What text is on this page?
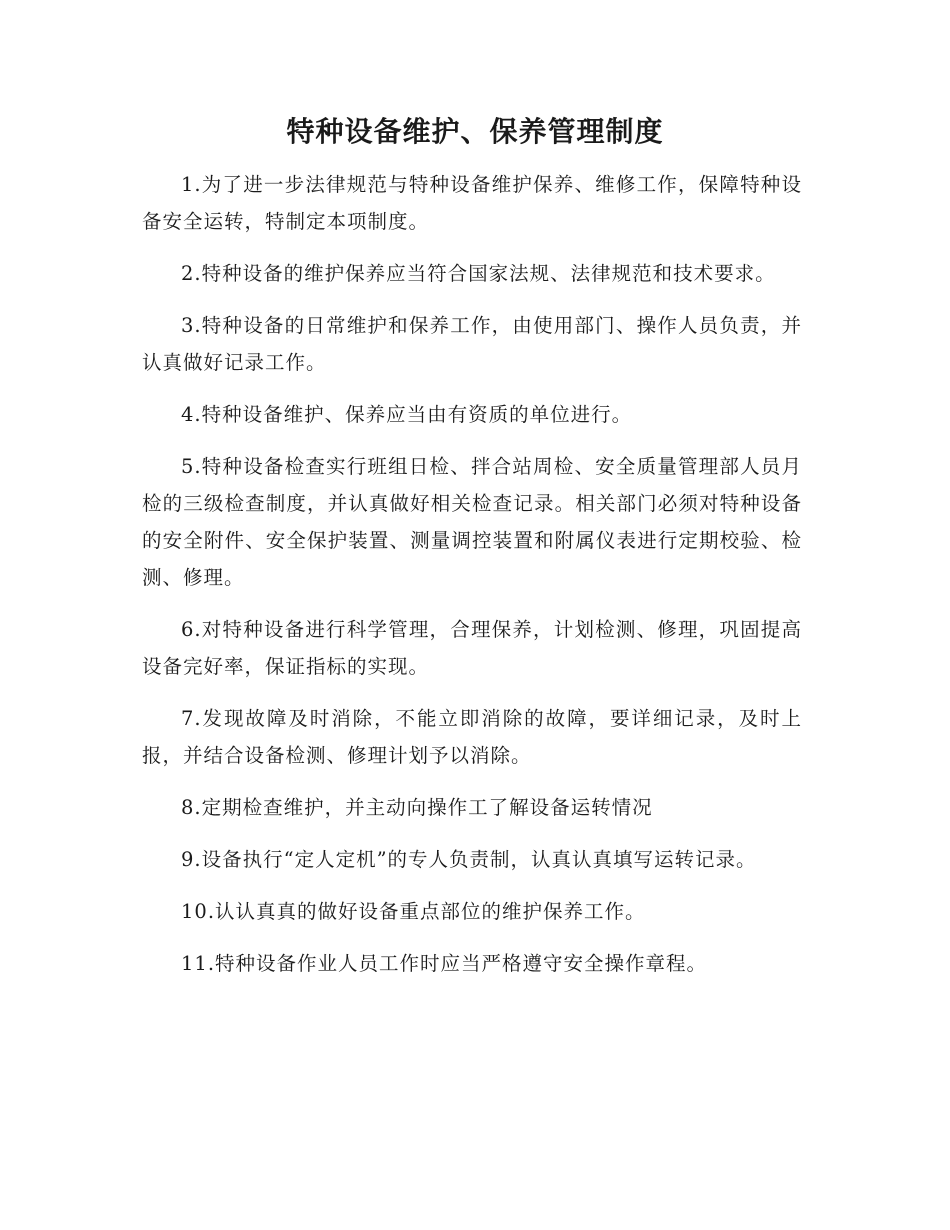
特种设备维护、保养管理制度

1.为了进一步法律规范与特种设备维护保养、维修工作，保障特种设备安全运转，特制定本项制度。

2.特种设备的维护保养应当符合国家法规、法律规范和技术要求。

3.特种设备的日常维护和保养工作，由使用部门、操作人员负责，并认真做好记录工作。

4.特种设备维护、保养应当由有资质的单位进行。

5.特种设备检查实行班组日检、拌合站周检、安全质量管理部人员月检的三级检查制度，并认真做好相关检查记录。相关部门必须对特种设备的安全附件、安全保护装置、测量调控装置和附属仪表进行定期校验、检测、修理。

6.对特种设备进行科学管理，合理保养，计划检测、修理，巩固提高设备完好率，保证指标的实现。

7.发现故障及时消除，不能立即消除的故障，要详细记录，及时上报，并结合设备检测、修理计划予以消除。

8.定期检查维护，并主动向操作工了解设备运转情况

9.设备执行“定人定机”的专人负责制，认真认真填写运转记录。

10.认认真真的做好设备重点部位的维护保养工作。

11.特种设备作业人员工作时应当严格遵守安全操作章程。
